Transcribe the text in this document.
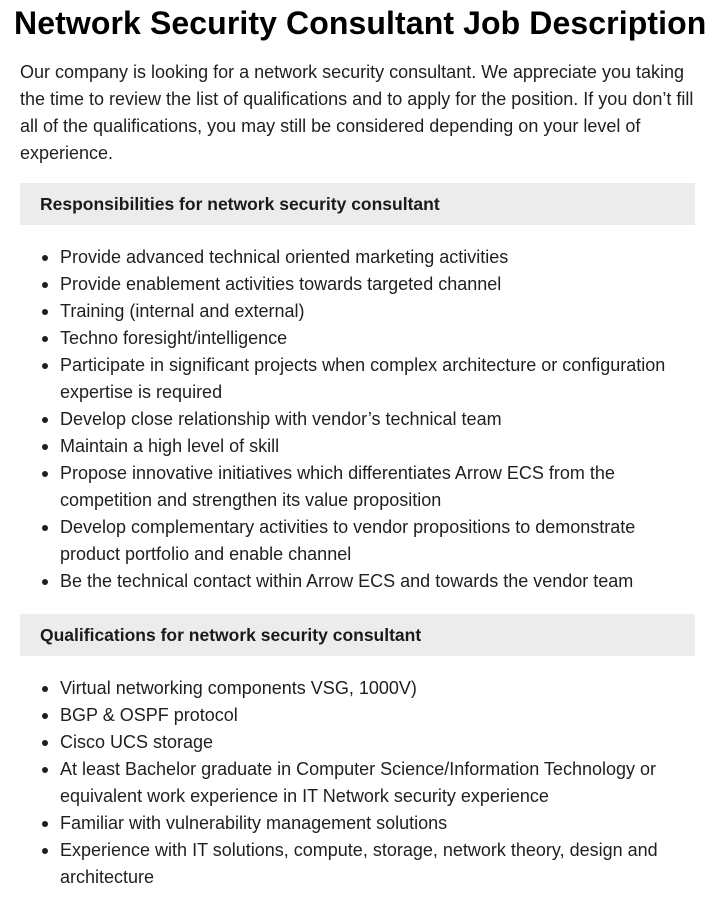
Network Security Consultant Job Description

Our company is looking for a network security consultant. We appreciate you taking the time to review the list of qualifications and to apply for the position. If you don’t fill all of the qualifications, you may still be considered depending on your level of experience.

Responsibilities for network security consultant
Provide advanced technical oriented marketing activities
Provide enablement activities towards targeted channel
Training (internal and external)
Techno foresight/intelligence
Participate in significant projects when complex architecture or configuration expertise is required
Develop close relationship with vendor’s technical team
Maintain a high level of skill
Propose innovative initiatives which differentiates Arrow ECS from the competition and strengthen its value proposition
Develop complementary activities to vendor propositions to demonstrate product portfolio and enable channel
Be the technical contact within Arrow ECS and towards the vendor team
Qualifications for network security consultant
Virtual networking components VSG, 1000V)
BGP & OSPF protocol
Cisco UCS storage
At least Bachelor graduate in Computer Science/Information Technology or equivalent work experience in IT Network security experience
Familiar with vulnerability management solutions
Experience with IT solutions, compute, storage, network theory, design and architecture
